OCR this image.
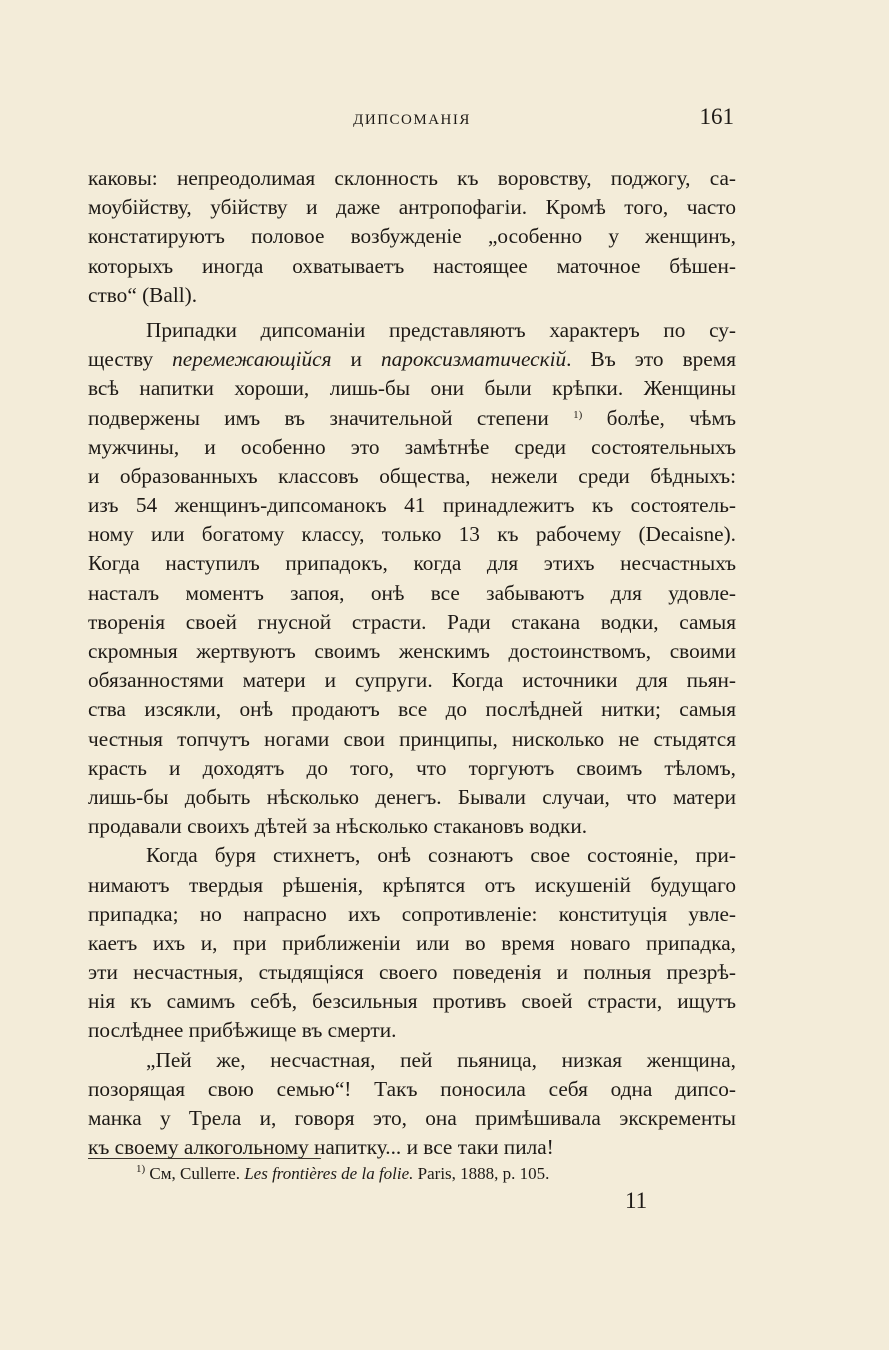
ДИПСОМАНІЯ	161
каковы: непреодолимая склонность къ воровству, поджогу, са-
моубійству, убійству и даже антропофагіи. Кромѣ того, часто
констатируютъ половое возбужденіе „особенно у женщинъ,
которыхъ иногда охватываетъ настоящее маточное бѣшен-
ство“ (Ball).
Припадки дипсоманіи представляютъ характеръ по су-
ществу перемежающійся и пароксизматическій. Въ это время
всѣ напитки хороши, лишь-бы они были крѣпки. Женщины
подвержены имъ въ значительной степени $^{1)}$ болѣе, чѣмъ
мужчины, и особенно это замѣтнѣе среди состоятельныхъ
и образованныхъ классовъ общества, нежели среди бѣдныхъ:
изъ 54 женщинъ-дипсоманокъ 41 принадлежитъ къ состоятель-
ному или богатому классу, только 13 къ рабочему (Decaisne).
Когда наступилъ припадокъ, когда для этихъ несчастныхъ
насталъ моментъ запоя, онѣ все забываютъ для удовле-
творенія своей гнусной страсти. Ради стакана водки, самыя
скромныя жертвуютъ своимъ женскимъ достоинствомъ, своими
обязанностями матери и супруги. Когда источники для пьян-
ства изсякли, онѣ продаютъ все до послѣдней нитки; самыя
честныя топчутъ ногами свои принципы, нисколько не стыдятся
красть и доходятъ до того, что торгуютъ своимъ тѣломъ,
лишь-бы добыть нѣсколько денегъ. Бывали случаи, что матери
продавали своихъ дѣтей за нѣсколько стакановъ водки.
Когда буря стихнетъ, онѣ сознаютъ свое состояніе, при-
нимаютъ твердыя рѣшенія, крѣпятся отъ искушеній будущаго
припадка; но напрасно ихъ сопротивленіе: конституція увле-
каетъ ихъ и, при приближеніи или во время новаго припадка,
эти несчастныя, стыдящіяся своего поведенія и полныя презрѣ-
нія къ самимъ себѣ, безсильныя противъ своей страсти, ищутъ
послѣднее прибѣжище въ смерти.
„Пей же, несчастная, пей пьяница, низкая женщина,
позорящая свою семью“! Такъ поносила себя одна дипсо-
манка у Трела и, говоря это, она примѣшивала экскременты
къ своему алкогольному напитку... и все таки пила!
$^{1)}$ См, Cullerre. Les frontières de la folie. Paris, 1888, p. 105.
11
